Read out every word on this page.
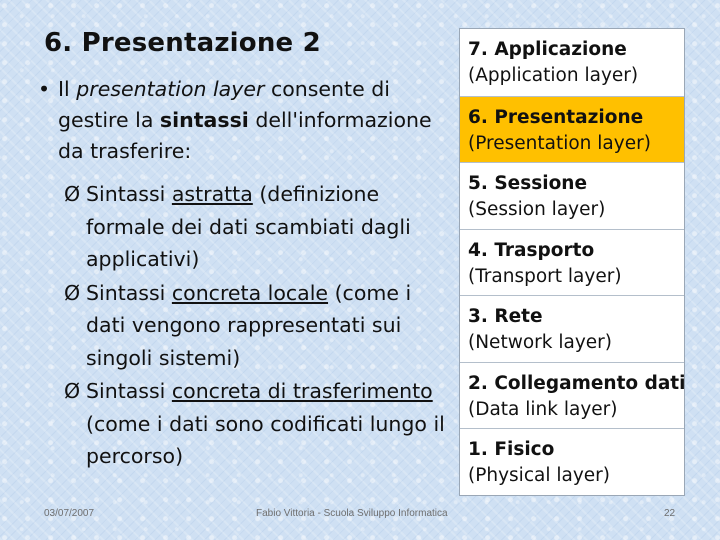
6. Presentazione 2
• Il presentation layer consente di gestire la sintassi dell'informazione da trasferire:
Ø Sintassi astratta (definizione formale dei dati scambiati dagli applicativi)
Ø Sintassi concreta locale (come i dati vengono rappresentati sui singoli sistemi)
Ø Sintassi concreta di trasferimento (come i dati sono codificati lungo il percorso)
7. Applicazione
(Application layer)
6. Presentazione
(Presentation layer)
5. Sessione
(Session layer)
4. Trasporto
(Transport layer)
3. Rete
(Network layer)
2. Collegamento dati
(Data link layer)
1. Fisico
(Physical layer)
03/07/2007	Fabio Vittoria - Scuola Sviluppo Informatica	22
